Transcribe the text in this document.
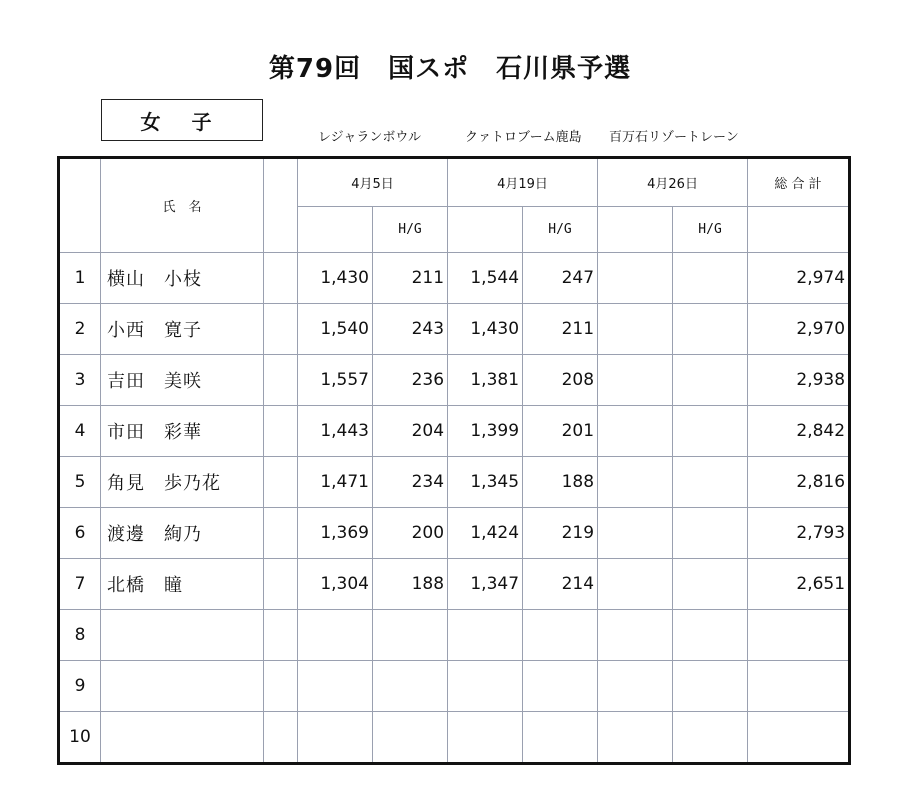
第79回　国スポ　石川県予選
女 子
レジャランボウル	クァトロブーム鹿島 百万石リゾートレーン
	氏　名		4月5日		4月19日		4月26日		総 合 計
				H/G		H/G		H/G	
1	横山　小枝		1,430	211	1,544	247			2,974
2	小西　寛子		1,540	243	1,430	211			2,970
3	吉田　美咲		1,557	236	1,381	208			2,938
4	市田　彩華		1,443	204	1,399	201			2,842
5	角見　歩乃花		1,471	234	1,345	188			2,816
6	渡邊　絢乃		1,369	200	1,424	219			2,793
7	北橋　瞳		1,304	188	1,347	214			2,651
8									
9									
10									
